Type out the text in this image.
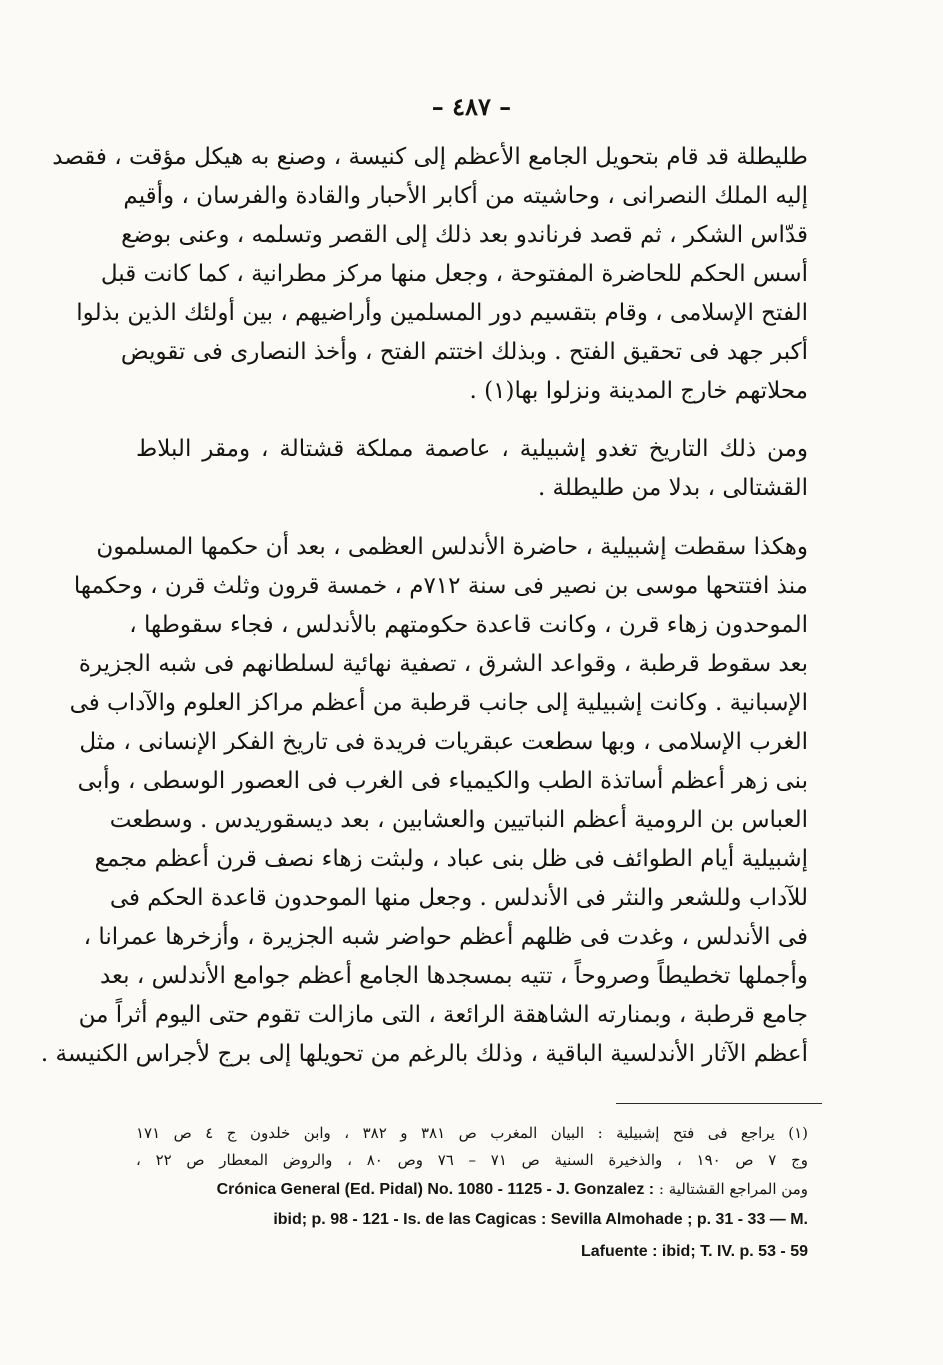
– ٤٨٧ –
طليطلة قد قام بتحويل الجامع الأعظم إلى كنيسة ، وصنع به هيكل مؤقت ، فقصد
إليه الملك النصرانى ، وحاشيته من أكابر الأحبار والقادة والفرسان ، وأقيم
قدّاس الشكر ، ثم قصد فرناندو بعد ذلك إلى القصر وتسلمه ، وعنى بوضع
أسس الحكم للحاضرة المفتوحة ، وجعل منها مركز مطرانية ، كما كانت قبل
الفتح الإسلامى ، وقام بتقسيم دور المسلمين وأراضيهم ، بين أولئك الذين بذلوا
أكبر جهد فى تحقيق الفتح . وبذلك اختتم الفتح ، وأخذ النصارى فى تقويض
محلاتهم خارج المدينة ونزلوا بها(١) .
ومن ذلك التاريخ تغدو إشبيلية ، عاصمة مملكة قشتالة ، ومقر البلاط
القشتالى ، بدلا من طليطلة .
وهكذا سقطت إشبيلية ، حاضرة الأندلس العظمى ، بعد أن حكمها المسلمون
منذ افتتحها موسى بن نصير فى سنة ٧١٢م ، خمسة قرون وثلث قرن ، وحكمها
الموحدون زهاء قرن ، وكانت قاعدة حكومتهم بالأندلس ، فجاء سقوطها ،
بعد سقوط قرطبة ، وقواعد الشرق ، تصفية نهائية لسلطانهم فى شبه الجزيرة
الإسبانية . وكانت إشبيلية إلى جانب قرطبة من أعظم مراكز العلوم والآداب فى
الغرب الإسلامى ، وبها سطعت عبقريات فريدة فى تاريخ الفكر الإنسانى ، مثل
بنى زهر أعظم أساتذة الطب والكيمياء فى الغرب فى العصور الوسطى ، وأبى
العباس بن الرومية أعظم النباتيين والعشابين ، بعد ديسقوريدس . وسطعت
إشبيلية أيام الطوائف فى ظل بنى عباد ، ولبثت زهاء نصف قرن أعظم مجمع
للآداب وللشعر والنثر فى الأندلس . وجعل منها الموحدون قاعدة الحكم فى
فى الأندلس ، وغدت فى ظلهم أعظم حواضر شبه الجزيرة ، وأزخرها عمرانا ،
وأجملها تخطيطاً وصروحاً ، تتيه بمسجدها الجامع أعظم جوامع الأندلس ، بعد
جامع قرطبة ، وبمنارته الشاهقة الرائعة ، التى مازالت تقوم حتى اليوم أثراً من
أعظم الآثار الأندلسية الباقية ، وذلك بالرغم من تحويلها إلى برج لأجراس الكنيسة .
(١) يراجع فى فتح إشبيلية : البيان المغرب ص ٣٨١ و ٣٨٢ ، وابن خلدون ج ٤ ص ١٧١
وج ٧ ص ١٩٠ ، والذخيرة السنية ص ٧١ – ٧٦ وص ٨٠ ، والروض المعطار ص ٢٢ ،
ومن المراجع القشتالية : Crónica General (Ed. Pidal) No. 1080 - 1125 - J. Gonzalez :
ibid; p. 98 - 121 - Is. de las Cagicas : Sevilla Almohade ; p. 31 - 33 — M.
Lafuente : ibid; T. IV. p. 53 - 59
